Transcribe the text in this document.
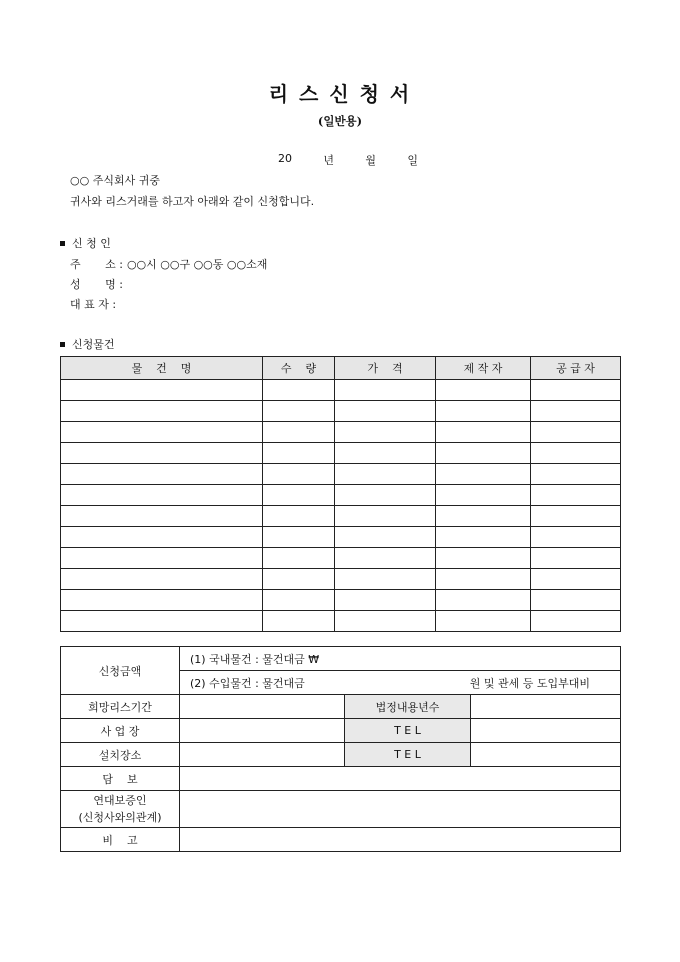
리 스 신 청 서
(일반용)
20	년	월	일
○○ 주식회사 귀중
귀사와 리스거래를 하고자 아래와 같이 신청합니다.
신 청 인
주       소 : ○○시 ○○구 ○○동 ○○소재
성       명 :
대 표 자 :
신청물건
물    건    명	수    량	가    격	제 작 자	공 급 자

신청금액	(1) 국내물건 : 물건대금 ₩		

	(2) 수입물건 : 물건대금 원 및 관세 등 도입부대비		

희망리스기간		법정내용년수	
사 업 장		T E L	
설치장소		T E L	
담    보			

연대보증인
(신청사와의관계)			

비    고			
